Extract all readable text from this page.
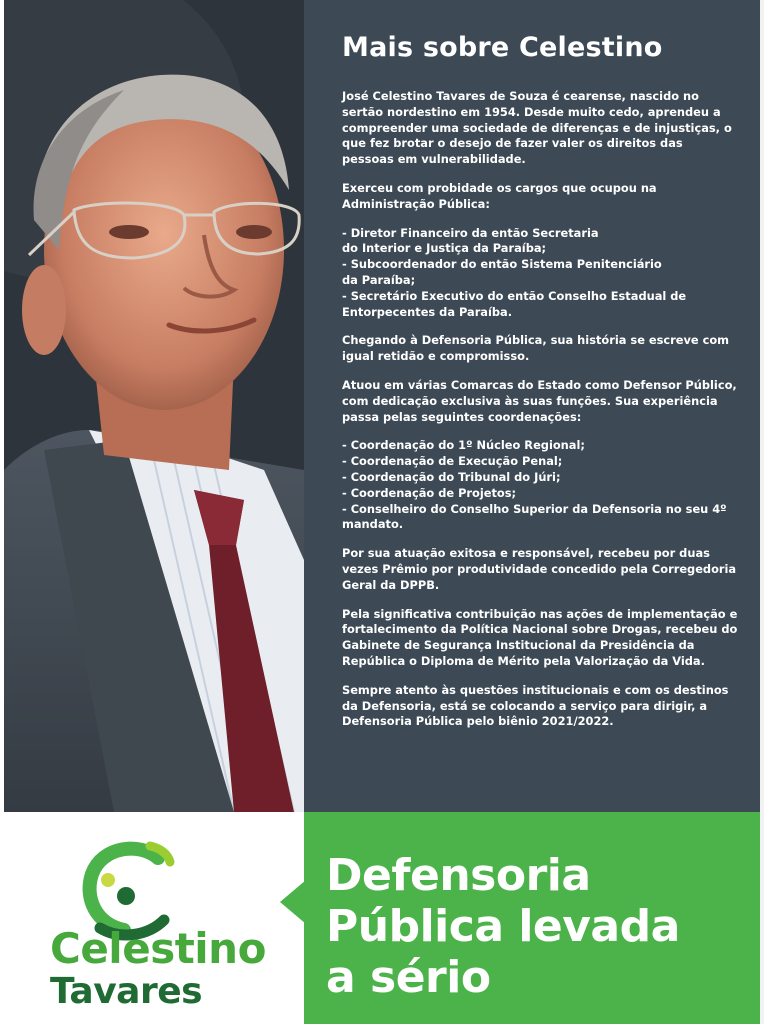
Mais sobre Celestino

José Celestino Tavares de Souza é cearense, nascido no sertão nordestino em 1954. Desde muito cedo, aprendeu a compreender uma sociedade de diferenças e de injustiças, o que fez brotar o desejo de fazer valer os direitos das pessoas em vulnerabilidade.

Exerceu com probidade os cargos que ocupou na Administração Pública:

- Diretor Financeiro da então Secretaria
do Interior e Justiça da Paraíba;
- Subcoordenador do então Sistema Penitenciário
da Paraíba;
- Secretário Executivo do então Conselho Estadual de
Entorpecentes da Paraíba.

Chegando à Defensoria Pública, sua história se escreve com igual retidão e compromisso.

Atuou em várias Comarcas do Estado como Defensor Público, com dedicação exclusiva às suas funções. Sua experiência passa pelas seguintes coordenações:

- Coordenação do 1º Núcleo Regional;
- Coordenação de Execução Penal;
- Coordenação do Tribunal do Júri;
- Coordenação de Projetos;
- Conselheiro do Conselho Superior da Defensoria no seu 4º mandato.

Por sua atuação exitosa e responsável, recebeu por duas vezes Prêmio por produtividade concedido pela Corregedoria Geral da DPPB.

Pela significativa contribuição nas ações de implementação e fortalecimento da Política Nacional sobre Drogas, recebeu do Gabinete de Segurança Institucional da Presidência da República o Diploma de Mérito pela Valorização da Vida.

Sempre atento às questões institucionais e com os destinos da Defensoria, está se colocando a serviço para dirigir, a Defensoria Pública pelo biênio 2021/2022.

Celestino
Tavares
Defensoria
Pública levada
a sério
